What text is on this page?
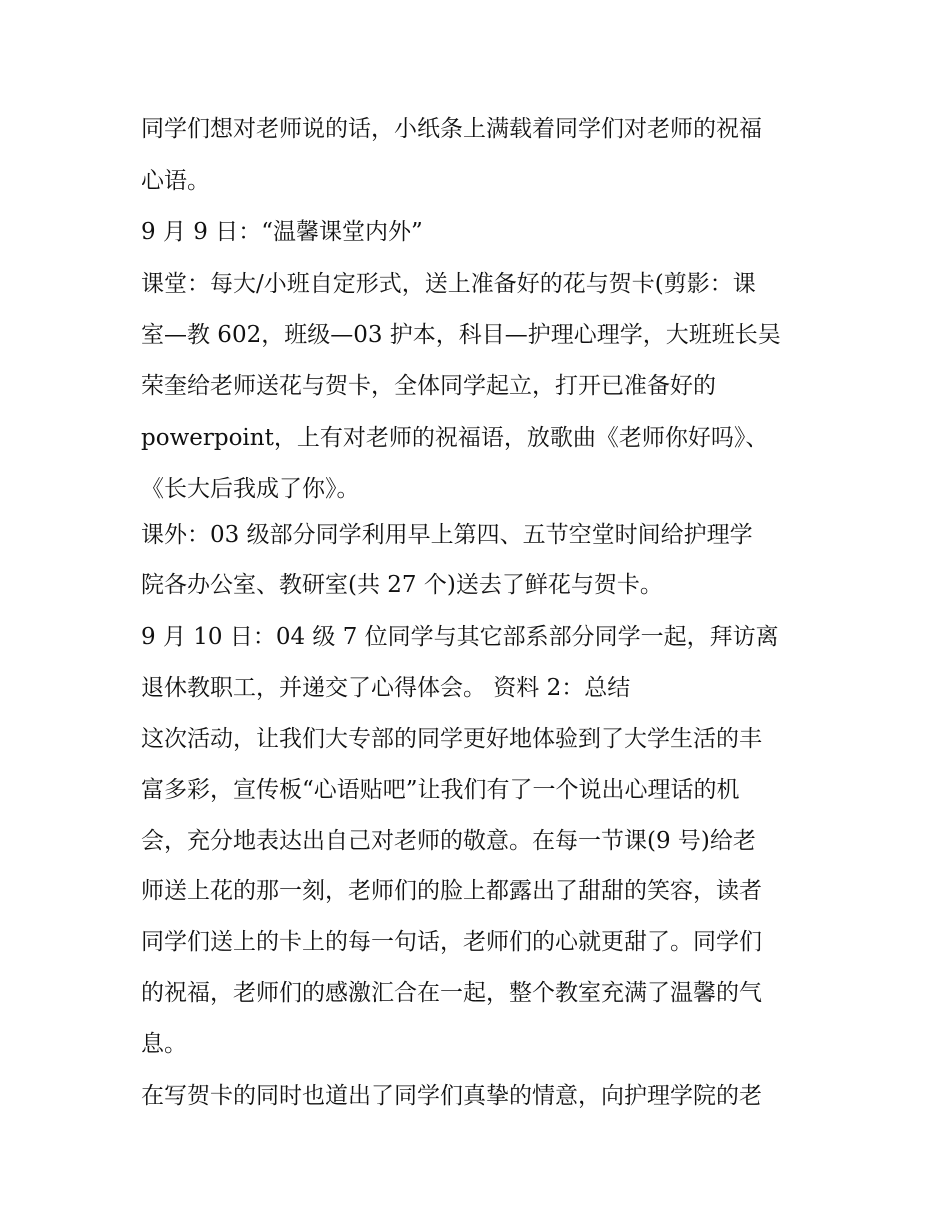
同学们想对老师说的话，小纸条上满载着同学们对老师的祝福
心语。
9 月 9 日：“温馨课堂内外”
课堂：每大/小班自定形式，送上准备好的花与贺卡(剪影：课
室—教 602，班级—03 护本，科目—护理心理学，大班班长吴
荣奎给老师送花与贺卡，全体同学起立，打开已准备好的
powerpoint，上有对老师的祝福语，放歌曲《老师你好吗》、
《长大后我成了你》。
课外：03 级部分同学利用早上第四、五节空堂时间给护理学
院各办公室、教研室(共 27 个)送去了鲜花与贺卡。
9 月 10 日：04 级 7 位同学与其它部系部分同学一起，拜访离
退休教职工，并递交了心得体会。 资料 2：总结
这次活动，让我们大专部的同学更好地体验到了大学生活的丰
富多彩，宣传板“心语贴吧”让我们有了一个说出心理话的机
会，充分地表达出自己对老师的敬意。在每一节课(9 号)给老
师送上花的那一刻，老师们的脸上都露出了甜甜的笑容，读者
同学们送上的卡上的每一句话，老师们的心就更甜了。同学们
的祝福，老师们的感激汇合在一起，整个教室充满了温馨的气
息。
在写贺卡的同时也道出了同学们真挚的情意，向护理学院的老
